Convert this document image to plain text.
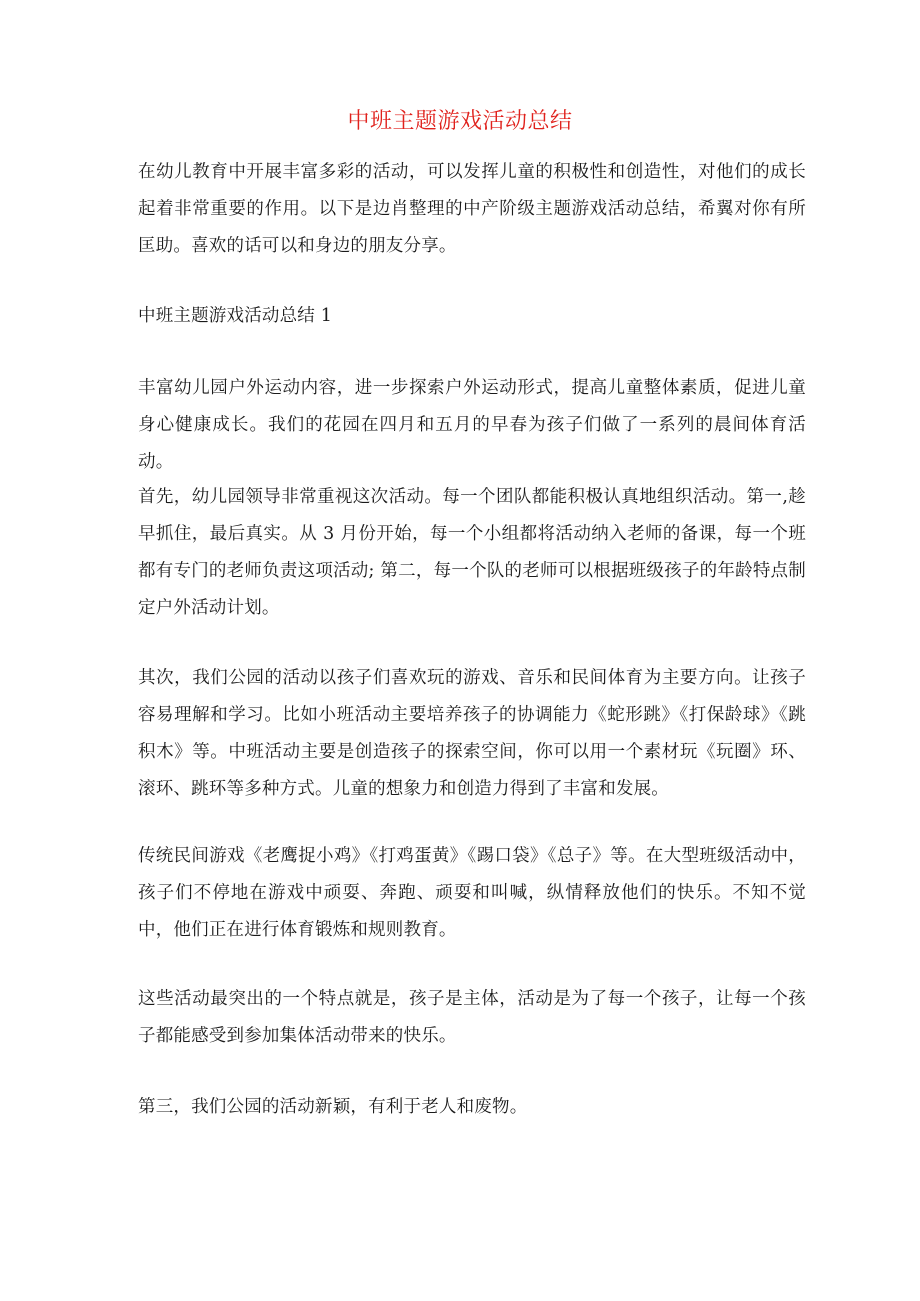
中班主题游戏活动总结

在幼儿教育中开展丰富多彩的活动，可以发挥儿童的积极性和创造性，对他们的成长起着非常重要的作用。以下是边肖整理的中产阶级主题游戏活动总结，希翼对你有所匡助。喜欢的话可以和身边的朋友分享。

中班主题游戏活动总结 1

丰富幼儿园户外运动内容，进一步探索户外运动形式，提高儿童整体素质，促进儿童身心健康成长。我们的花园在四月和五月的早春为孩子们做了一系列的晨间体育活动。

首先，幼儿园领导非常重视这次活动。每一个团队都能积极认真地组织活动。第一,趁早抓住，最后真实。从 3 月份开始，每一个小组都将活动纳入老师的备课，每一个班都有专门的老师负责这项活动; 第二，每一个队的老师可以根据班级孩子的年龄特点制定户外活动计划。

其次，我们公园的活动以孩子们喜欢玩的游戏、音乐和民间体育为主要方向。让孩子容易理解和学习。比如小班活动主要培养孩子的协调能力《蛇形跳》《打保龄球》《跳积木》等。中班活动主要是创造孩子的探索空间，你可以用一个素材玩《玩圈》环、滚环、跳环等多种方式。儿童的想象力和创造力得到了丰富和发展。

传统民间游戏《老鹰捉小鸡》《打鸡蛋黄》《踢口袋》《总子》等。在大型班级活动中，孩子们不停地在游戏中顽耍、奔跑、顽耍和叫喊，纵情释放他们的快乐。不知不觉中，他们正在进行体育锻炼和规则教育。

这些活动最突出的一个特点就是，孩子是主体，活动是为了每一个孩子，让每一个孩子都能感受到参加集体活动带来的快乐。

第三，我们公园的活动新颖，有利于老人和废物。
